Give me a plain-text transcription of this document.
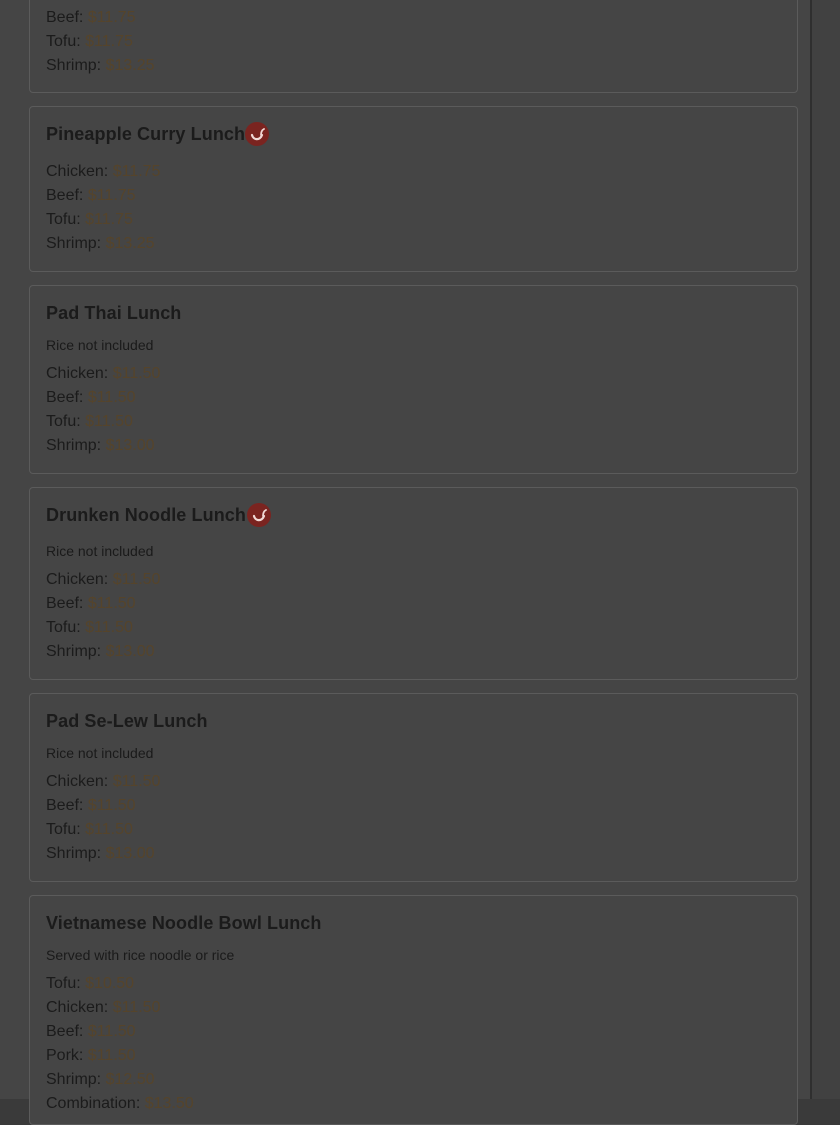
Beef: $11.75
Tofu: $11.75
Shrimp: $13.25
Pineapple Curry Lunch
Chicken: $11.75
Beef: $11.75
Tofu: $11.75
Shrimp: $13.25
Pad Thai Lunch
Rice not included
Chicken: $11.50
Beef: $11.50
Tofu: $11.50
Shrimp: $13.00
Drunken Noodle Lunch
Rice not included
Chicken: $11.50
Beef: $11.50
Tofu: $11.50
Shrimp: $13.00
Pad Se-Lew Lunch
Rice not included
Chicken: $11.50
Beef: $11.50
Tofu: $11.50
Shrimp: $13.00
Vietnamese Noodle Bowl Lunch
Served with rice noodle or rice
Tofu: $10.50
Chicken: $11.50
Beef: $11.50
Pork: $11.50
Shrimp: $12.50
Combination: $13.50
